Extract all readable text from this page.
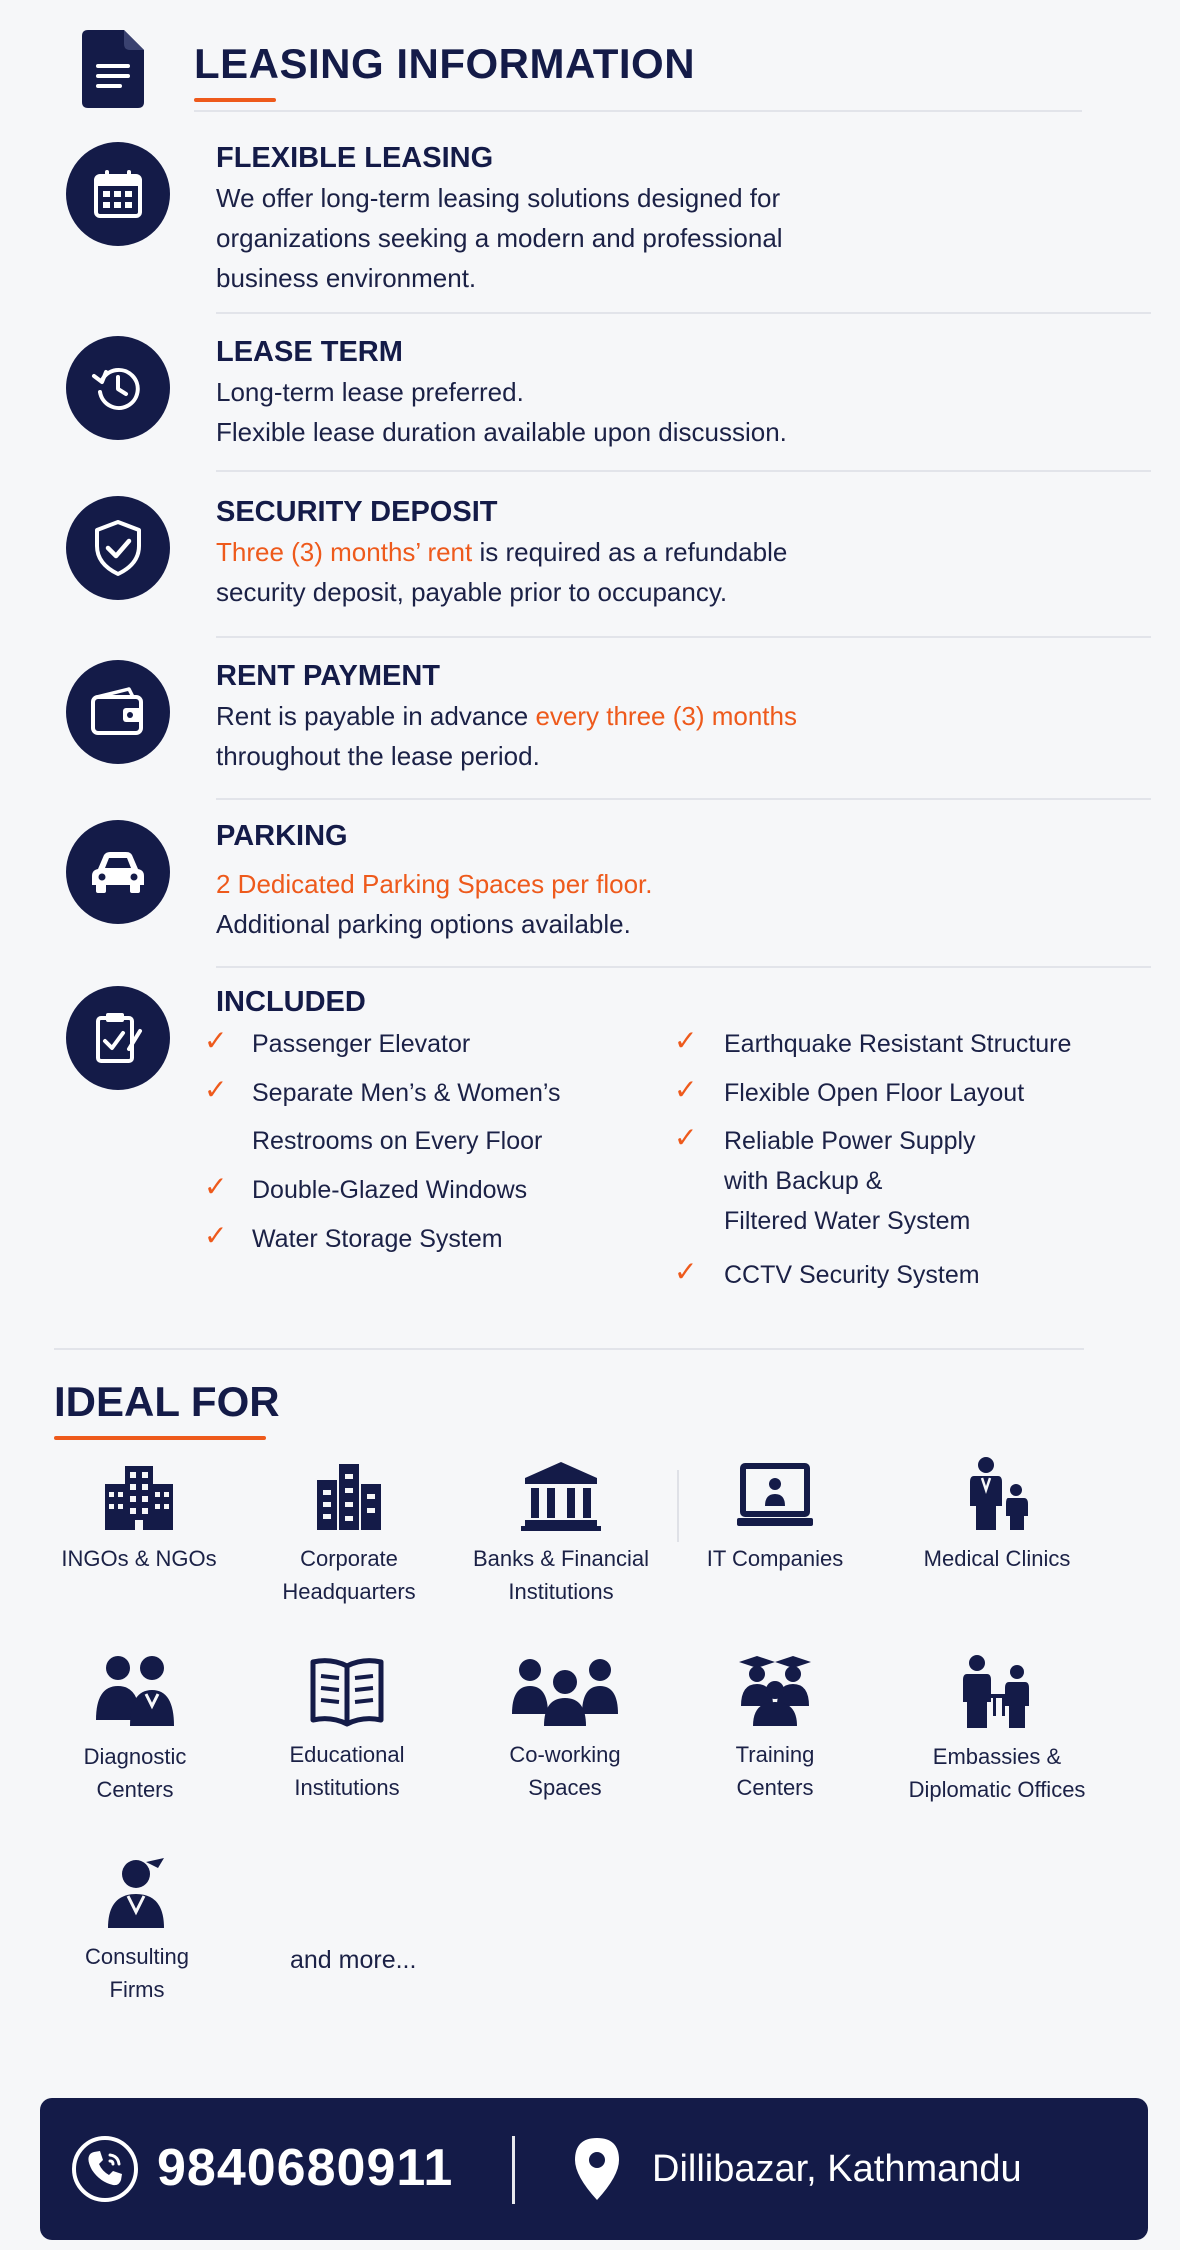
LEASING INFORMATION
FLEXIBLE LEASING
We offer long-term leasing solutions designed for
organizations seeking a modern and professional
business environment.
LEASE TERM
Long-term lease preferred.
Flexible lease duration available upon discussion.
SECURITY DEPOSIT
Three (3) months’ rent is required as a refundable
security deposit, payable prior to occupancy.
RENT PAYMENT
Rent is payable in advance every three (3) months
throughout the lease period.
PARKING
2 Dedicated Parking Spaces per floor.
Additional parking options available.
INCLUDED
✓ Passenger Elevator
✓ Separate Men’s & Women’s
Restrooms on Every Floor
✓ Double-Glazed Windows
✓ Water Storage System
✓ Earthquake Resistant Structure
✓ Flexible Open Floor Layout
✓ Reliable Power Supply
with Backup &
Filtered Water System
✓ CCTV Security System
IDEAL FOR
INGOs & NGOs	Corporate
Headquarters
Banks & Financial
Institutions
IT Companies	Medical Clinics
Diagnostic
Centers
Educational
Institutions
Co-working
Spaces
Training
Centers
Embassies &
Diplomatic Offices
Consulting
Firms
and more...
9840680911	Dillibazar, Kathmandu
